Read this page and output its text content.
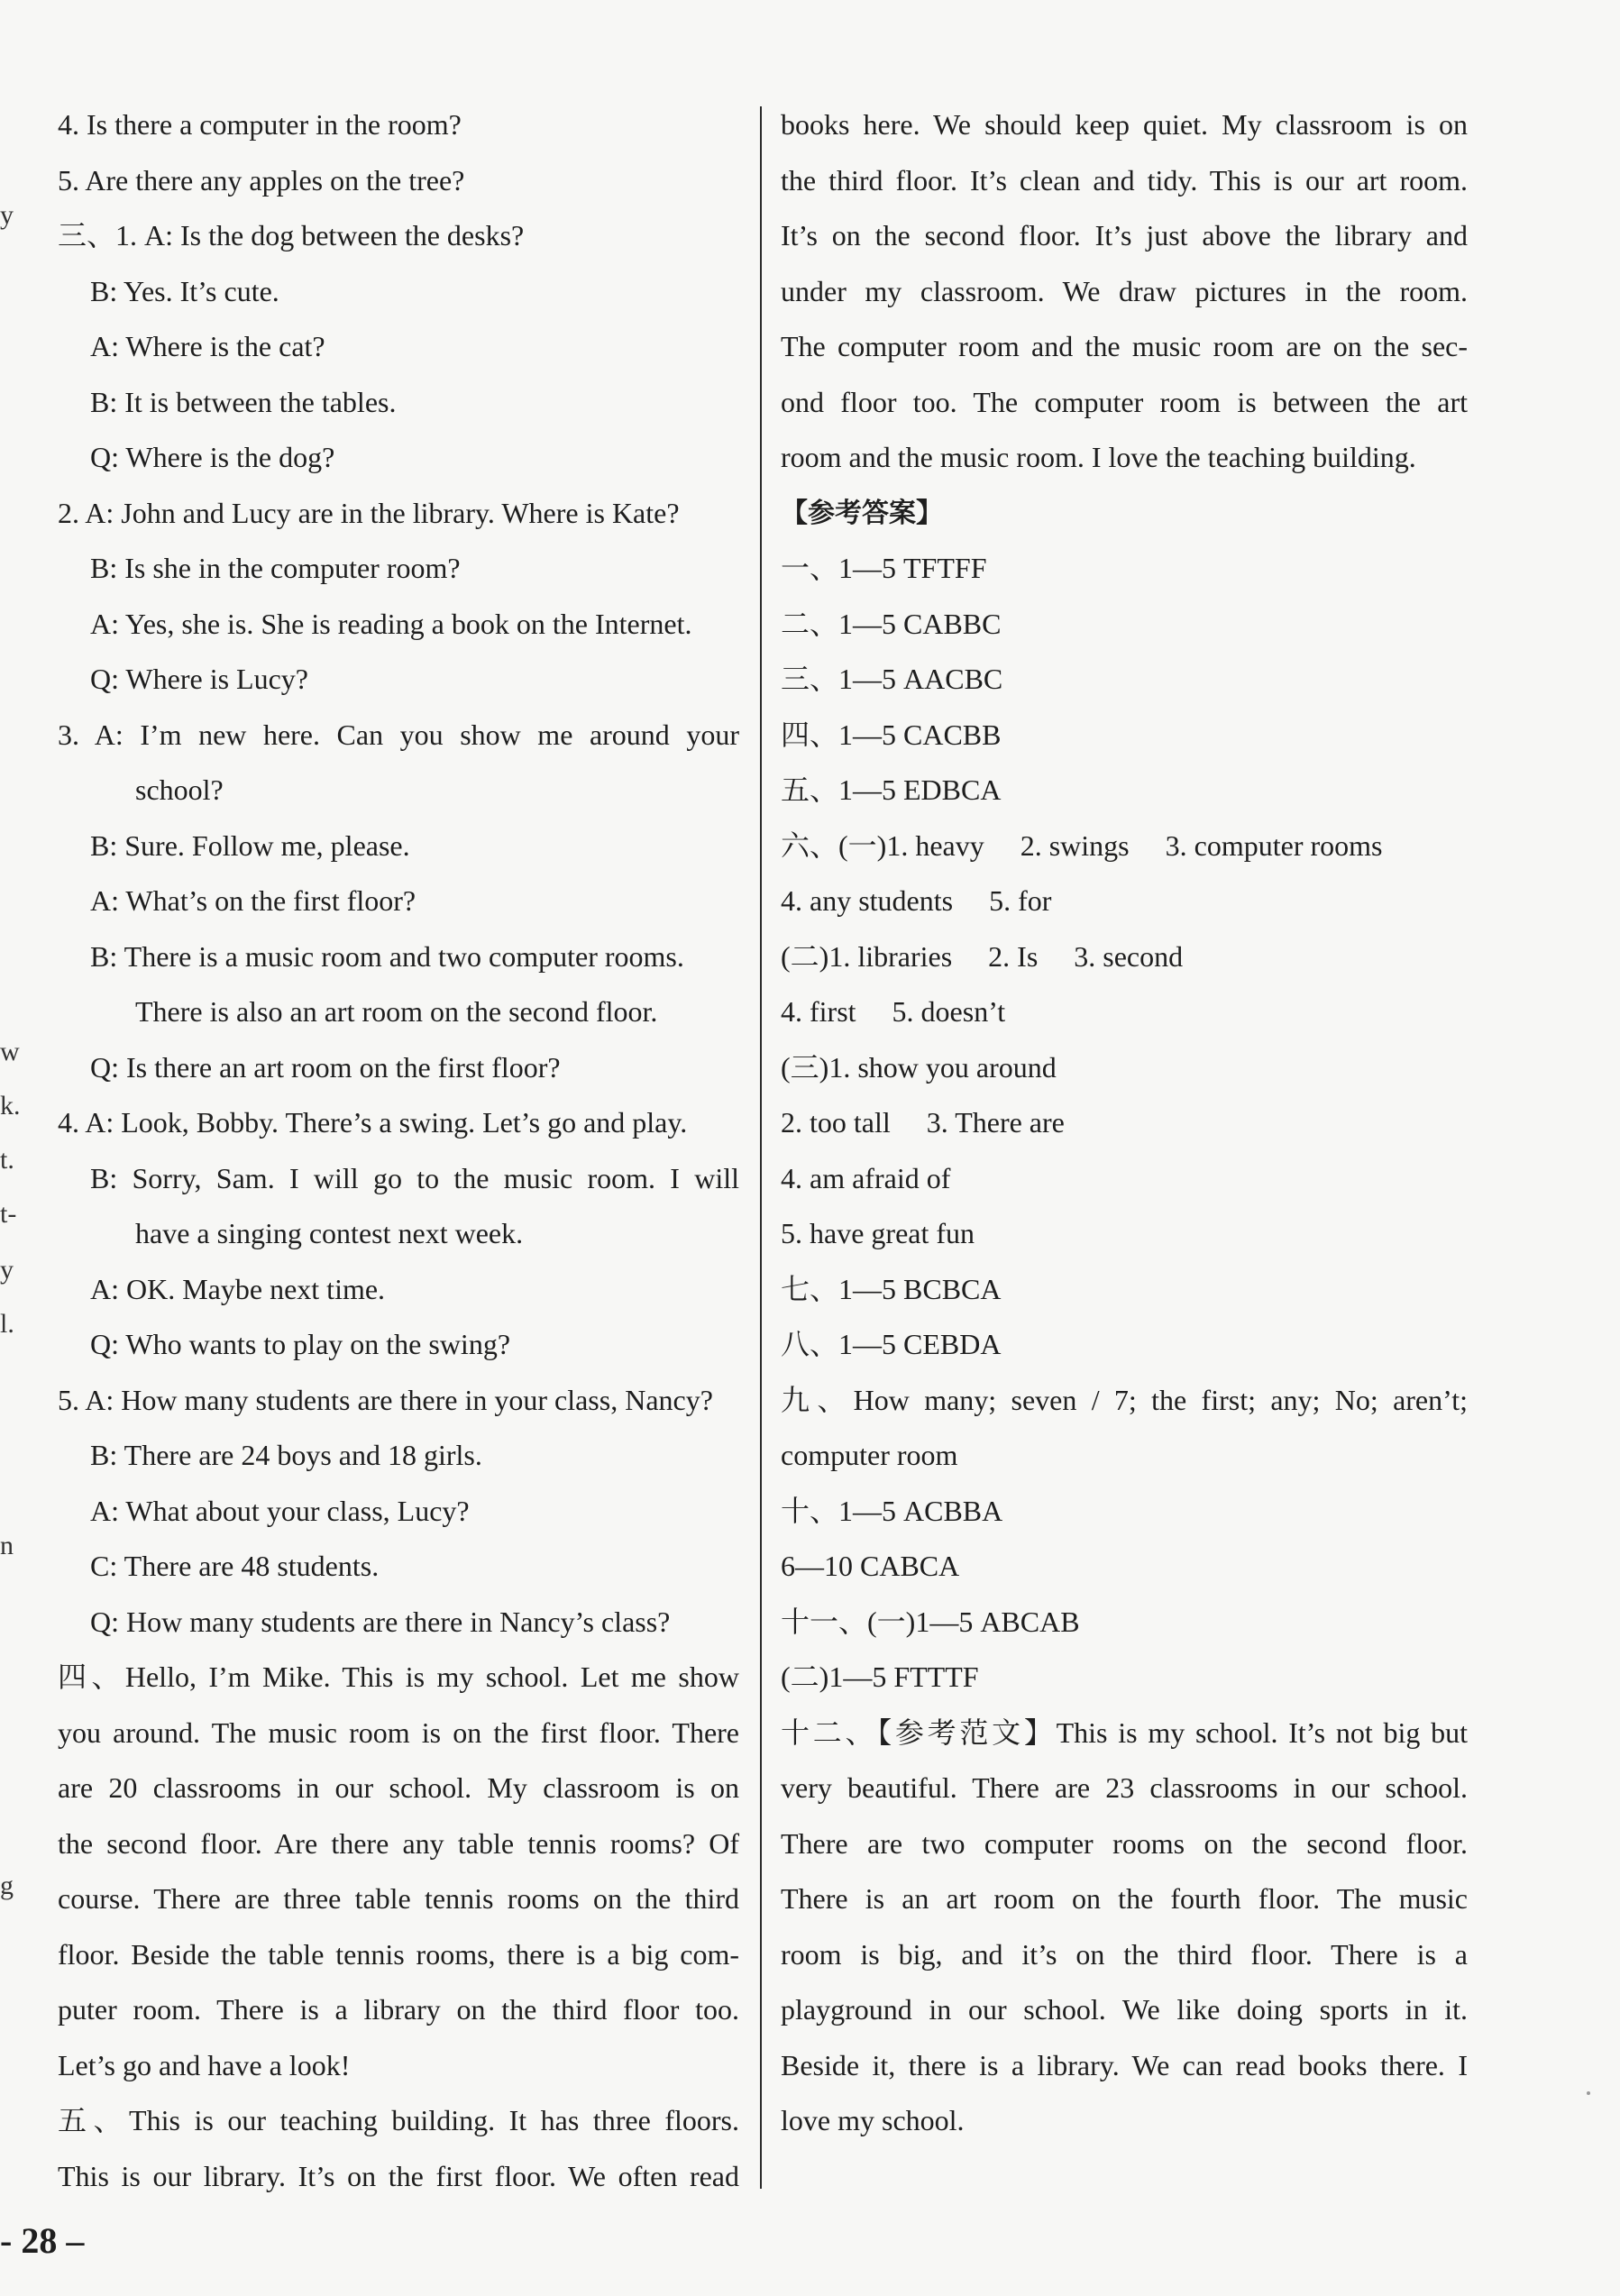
y
w
k.
t.
t-
y
l.
n
g
4. Is there a computer in the room?
5. Are there any apples on the tree?
三、1. A: Is the dog between the desks?
B: Yes. It’s cute.
A: Where is the cat?
B: It is between the tables.
Q: Where is the dog?
2. A: John and Lucy are in the library. Where is Kate?
B: Is she in the computer room?
A: Yes, she is. She is reading a book on the Internet.
Q: Where is Lucy?
3. A: I’m new here. Can you show me around your
school?
B: Sure. Follow me, please.
A: What’s on the first floor?
B: There is a music room and two computer rooms.
There is also an art room on the second floor.
Q: Is there an art room on the first floor?
4. A: Look, Bobby. There’s a swing. Let’s go and play.
B: Sorry, Sam. I will go to the music room. I will
have a singing contest next week.
A: OK. Maybe next time.
Q: Who wants to play on the swing?
5. A: How many students are there in your class, Nancy?
B: There are 24 boys and 18 girls.
A: What about your class, Lucy?
C: There are 48 students.
Q: How many students are there in Nancy’s class?
四、Hello, I’m Mike. This is my school. Let me show
you around. The music room is on the first floor. There
are 20 classrooms in our school. My classroom is on
the second floor. Are there any table tennis rooms? Of
course. There are three table tennis rooms on the third
floor. Beside the table tennis rooms, there is a big com-
puter room. There is a library on the third floor too.
Let’s go and have a look!
五、This is our teaching building. It has three floors.
This is our library. It’s on the first floor. We often read
books here. We should keep quiet. My classroom is on
the third floor. It’s clean and tidy. This is our art room.
It’s on the second floor. It’s just above the library and
under my classroom. We draw pictures in the room.
The computer room and the music room are on the sec-
ond floor too. The computer room is between the art
room and the music room. I love the teaching building.
【参考答案】
一、1—5 TFTFF
二、1—5 CABBC
三、1—5 AACBC
四、1—5 CACBB
五、1—5 EDBCA
六、(一)1. heavy  2. swings  3. computer rooms
4. any students  5. for
(二)1. libraries  2. Is  3. second
4. first  5. doesn’t
(三)1. show you around
2. too tall  3. There are
4. am afraid of
5. have great fun
七、1—5 BCBCA
八、1—5 CEBDA
九、How many; seven / 7; the first; any; No; aren’t;
computer room
十、1—5 ACBBA
6—10 CABCA
十一、(一)1—5 ABCAB
(二)1—5 FTTTF
十二、【参考范文】This is my school. It’s not big but
very beautiful. There are 23 classrooms in our school.
There are two computer rooms on the second floor.
There is an art room on the fourth floor. The music
room is big, and it’s on the third floor. There is a
playground in our school. We like doing sports in it.
Beside it, there is a library. We can read books there. I
love my school.
- 28 –
